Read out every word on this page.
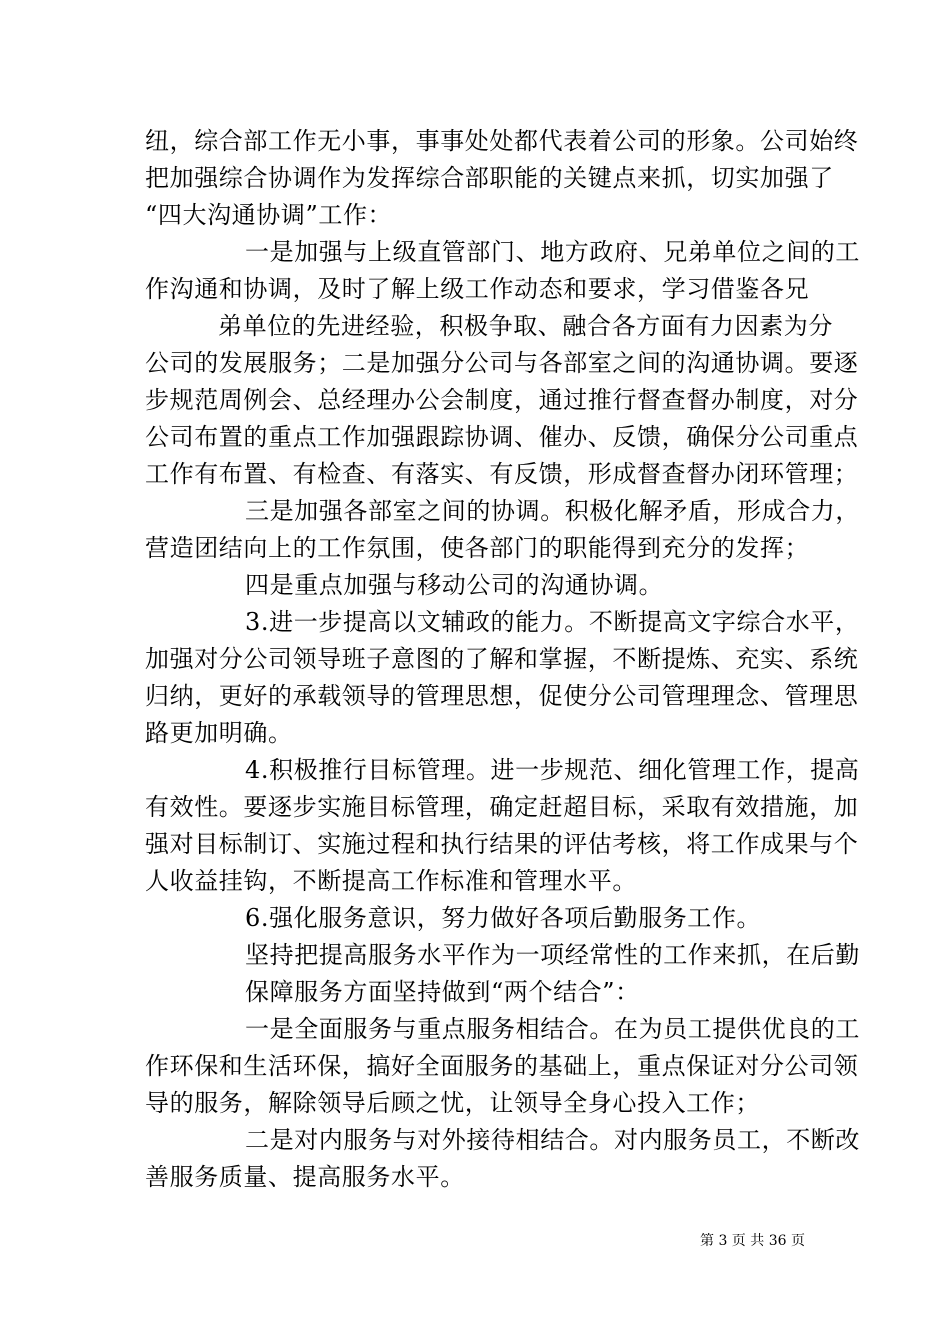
纽，综合部工作无小事，事事处处都代表着公司的形象。公司始终
把加强综合协调作为发挥综合部职能的关键点来抓，切实加强了
“四大沟通协调”工作：
一是加强与上级直管部门、地方政府、兄弟单位之间的工
作沟通和协调，及时了解上级工作动态和要求，学习借鉴各兄
弟单位的先进经验，积极争取、融合各方面有力因素为分
公司的发展服务；二是加强分公司与各部室之间的沟通协调。要逐
步规范周例会、总经理办公会制度，通过推行督查督办制度，对分
公司布置的重点工作加强跟踪协调、催办、反馈，确保分公司重点
工作有布置、有检查、有落实、有反馈，形成督查督办闭环管理；
三是加强各部室之间的协调。积极化解矛盾，形成合力，
营造团结向上的工作氛围，使各部门的职能得到充分的发挥；
四是重点加强与移动公司的沟通协调。
3.进一步提高以文辅政的能力。不断提高文字综合水平，
加强对分公司领导班子意图的了解和掌握，不断提炼、充实、系统
归纳，更好的承载领导的管理思想，促使分公司管理理念、管理思
路更加明确。
4.积极推行目标管理。进一步规范、细化管理工作，提高
有效性。要逐步实施目标管理，确定赶超目标，采取有效措施，加
强对目标制订、实施过程和执行结果的评估考核，将工作成果与个
人收益挂钩，不断提高工作标准和管理水平。
6.强化服务意识，努力做好各项后勤服务工作。
坚持把提高服务水平作为一项经常性的工作来抓，在后勤
保障服务方面坚持做到“两个结合”：
一是全面服务与重点服务相结合。在为员工提供优良的工
作环保和生活环保，搞好全面服务的基础上，重点保证对分公司领
导的服务，解除领导后顾之忧，让领导全身心投入工作；
二是对内服务与对外接待相结合。对内服务员工，不断改
善服务质量、提高服务水平。
第 3 页 共 36 页
